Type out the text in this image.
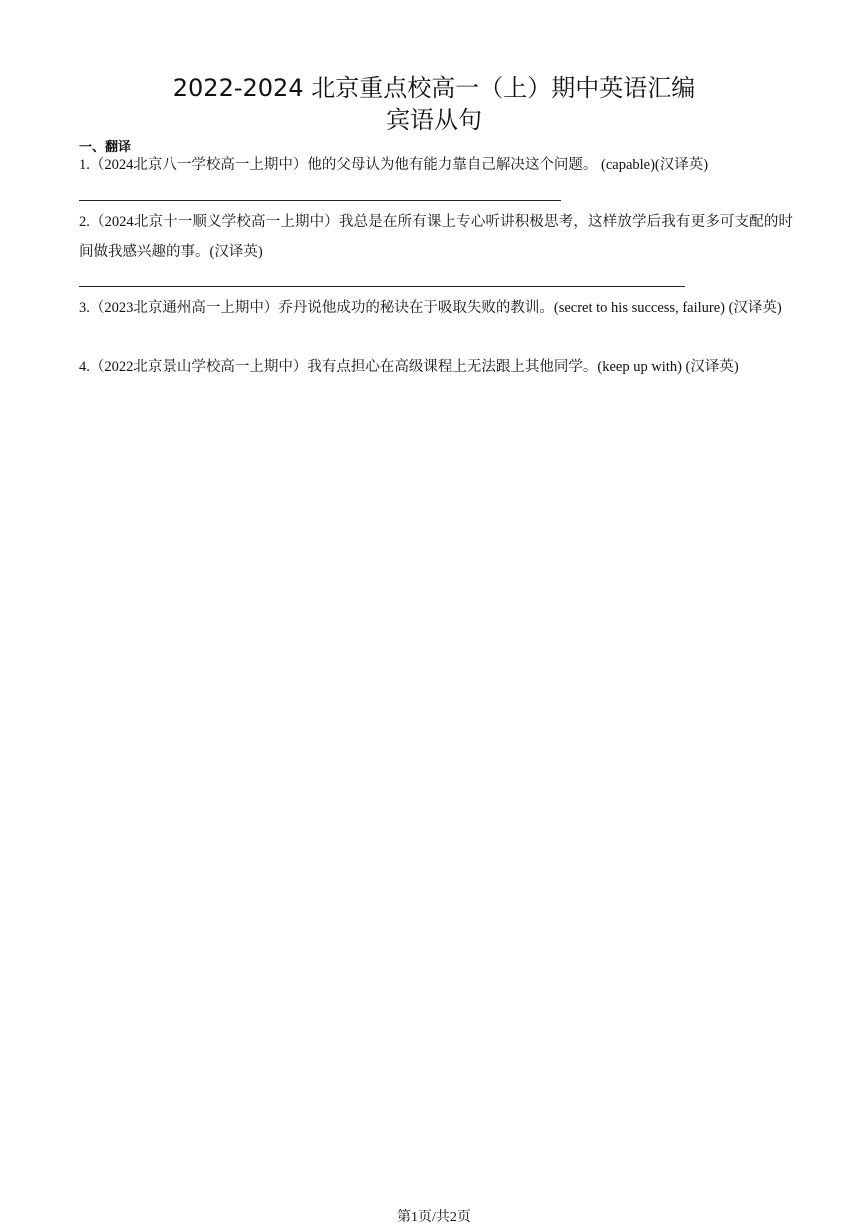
2022-2024 北京重点校高一（上）期中英语汇编
宾语从句
一、翻译
1.（2024北京八一学校高一上期中）他的父母认为他有能力靠自己解决这个问题。 (capable)(汉译英)
2.（2024北京十一顺义学校高一上期中）我总是在所有课上专心听讲积极思考，这样放学后我有更多可支配的时间做我感兴趣的事。(汉译英)
3.（2023北京通州高一上期中）乔丹说他成功的秘诀在于吸取失败的教训。(secret to his success, failure) (汉译英)
4.（2022北京景山学校高一上期中）我有点担心在高级课程上无法跟上其他同学。(keep up with) (汉译英)
第1页/共2页
